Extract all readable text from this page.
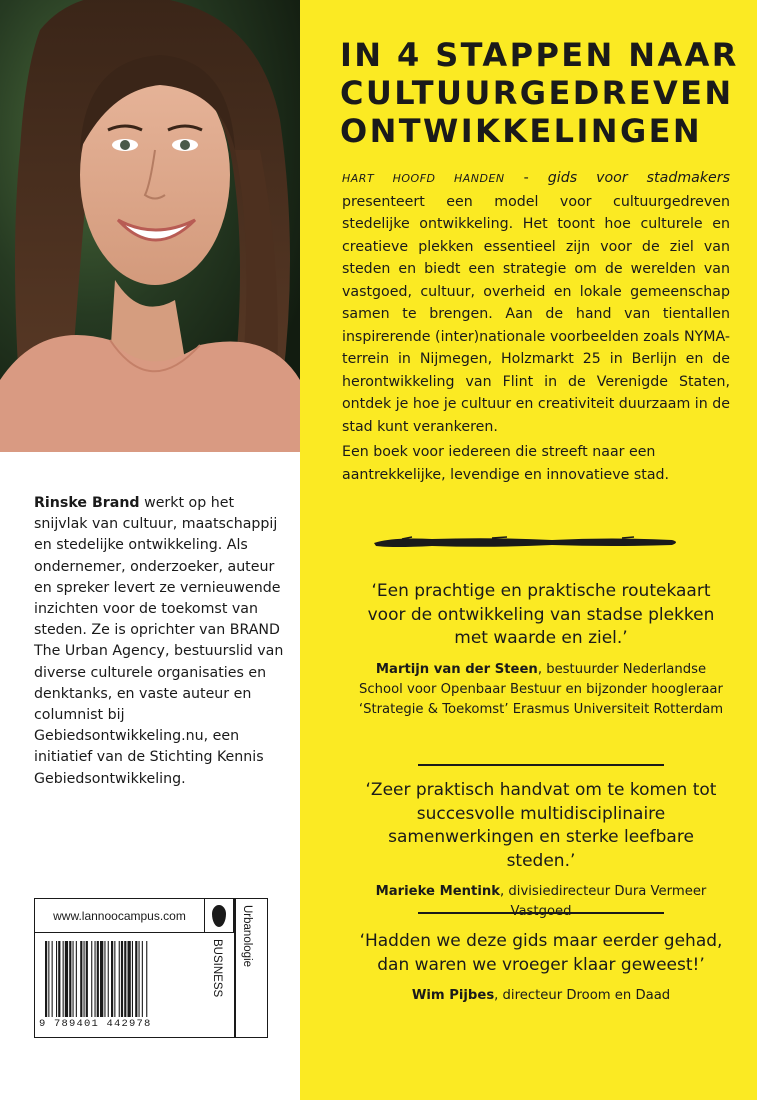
Rinske Brand werkt op het snijvlak van cultuur, maatschappij en stedelijke ontwikkeling. Als ondernemer, onderzoeker, auteur en spreker levert ze vernieuwende inzichten voor de toekomst van steden. Ze is oprichter van BRAND The Urban Agency, bestuurslid van diverse culturele organisaties en denktanks, en vaste auteur en columnist bij Gebiedsontwikkeling.nu, een initiatief van de Stichting Kennis Gebiedsontwikkeling.
www.lannoocampus.com
9 789401 442978
BUSINESS
Urbanologie
IN 4 STAPPEN NAAR CULTUURGEDREVEN ONTWIKKELINGEN
HART HOOFD HANDEN - gids voor stadmakers presenteert een model voor cultuurgedreven stedelijke ontwikkeling. Het toont hoe culturele en creatieve plekken essentieel zijn voor de ziel van steden en biedt een strategie om de werelden van vastgoed, cultuur, overheid en lokale gemeenschap samen te brengen. Aan de hand van tientallen inspirerende (inter)nationale voorbeelden zoals NYMA-terrein in Nijmegen, Holzmarkt 25 in Berlijn en de herontwikkeling van Flint in de Verenigde Staten, ontdek je hoe je cultuur en creativiteit duurzaam in de stad kunt verankeren.
Een boek voor iedereen die streeft naar een aantrekkelijke, levendige en innovatieve stad.
‘Een prachtige en praktische routekaart voor de ontwikkeling van stadse plekken met waarde en ziel.’
Martijn van der Steen, bestuurder Nederlandse School voor Openbaar Bestuur en bijzonder hoogleraar ‘Strategie & Toekomst’ Erasmus Universiteit Rotterdam
‘Zeer praktisch handvat om te komen tot succesvolle multidisciplinaire samenwerkingen en sterke leefbare steden.’
Marieke Mentink, divisiedirecteur Dura Vermeer
‘Hadden we deze gids maar eerder gehad, dan waren we vroeger klaar geweest!’
Wim Pijbes, directeur Droom en Daad
